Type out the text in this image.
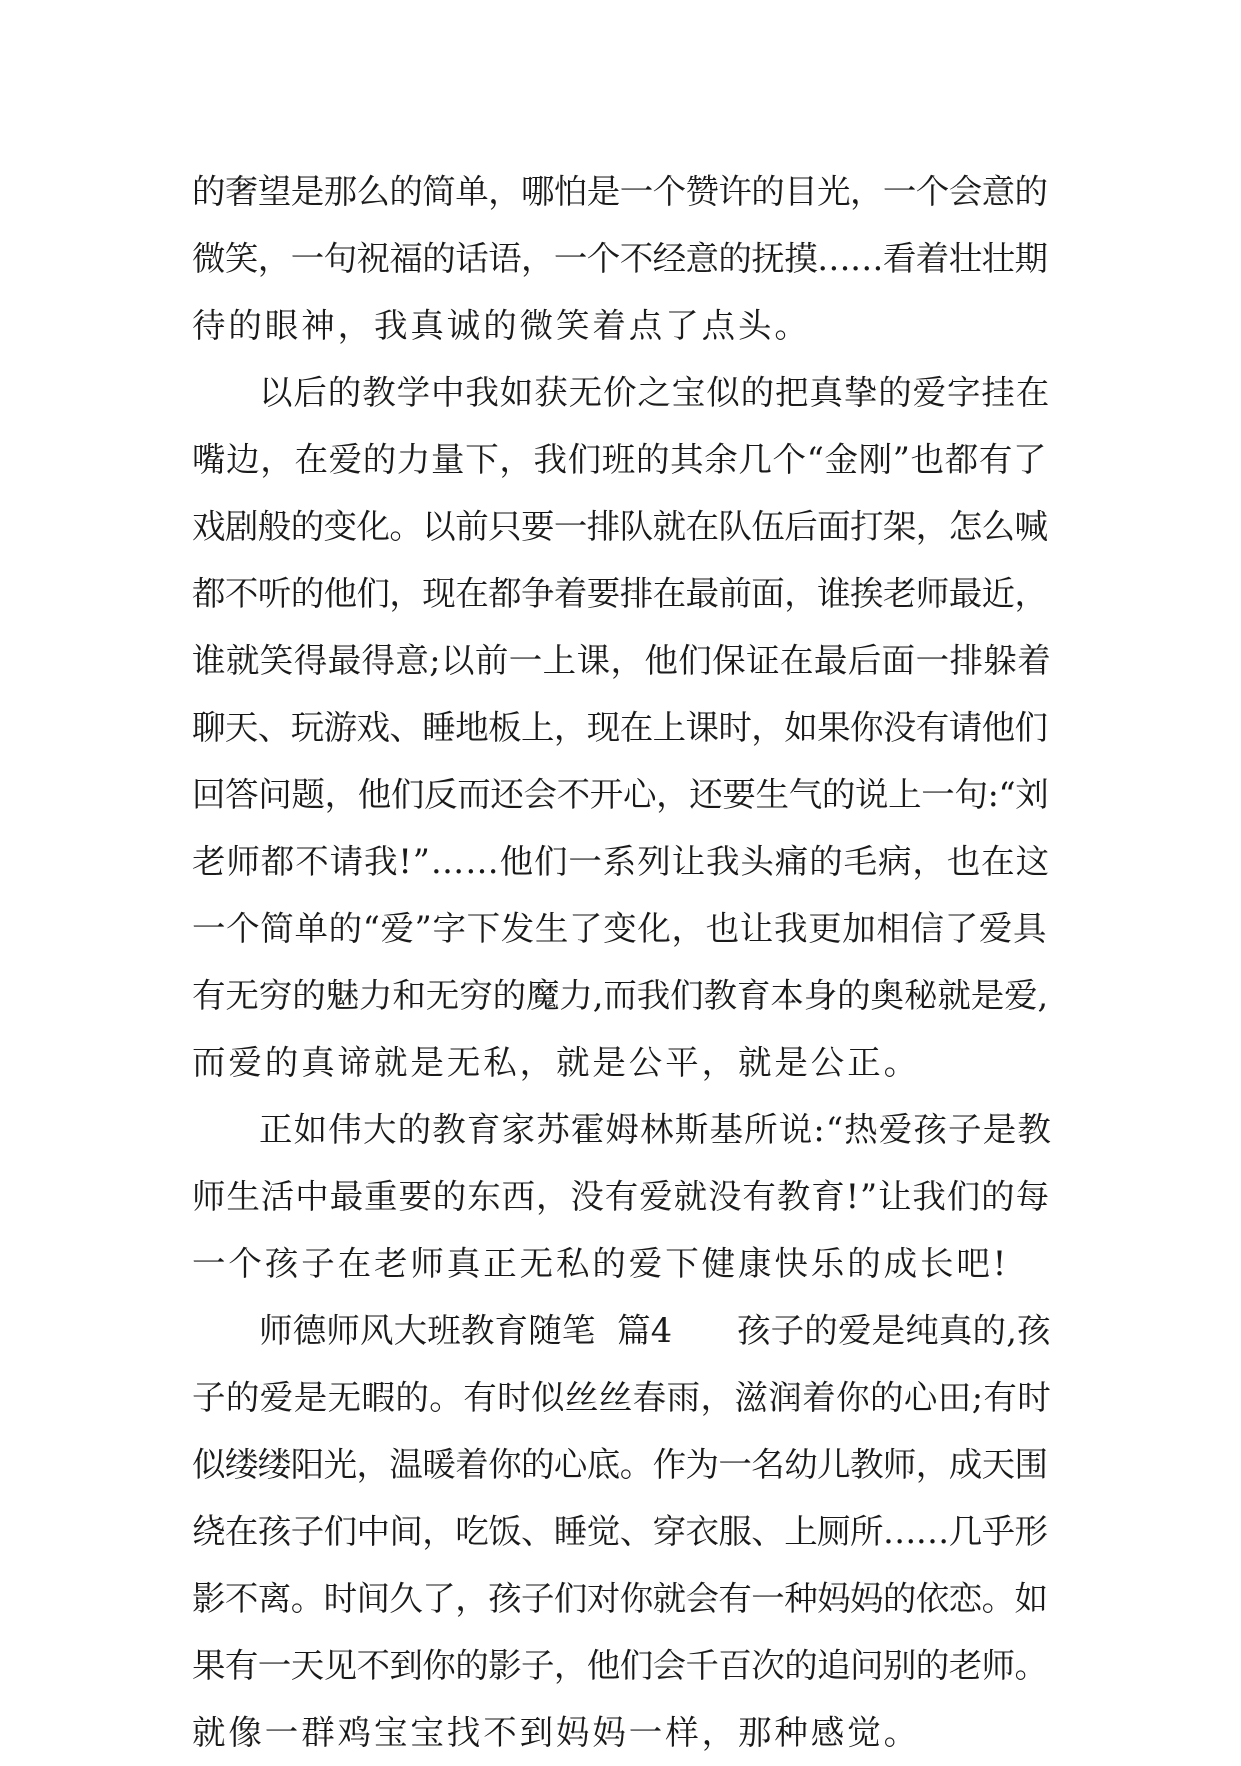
的奢望是那么的简单，哪怕是一个赞许的目光，一个会意的
微笑，一句祝福的话语，一个不经意的抚摸……看着壮壮期
待的眼神，我真诚的微笑着点了点头。
以后的教学中我如获无价之宝似的把真挚的爱字挂在
嘴边，在爱的力量下，我们班的其余几个“金刚”也都有了
戏剧般的变化。以前只要一排队就在队伍后面打架，怎么喊
都不听的他们，现在都争着要排在最前面，谁挨老师最近，
谁就笑得最得意;以前一上课，他们保证在最后面一排躲着
聊天、玩游戏、睡地板上，现在上课时，如果你没有请他们
回答问题，他们反而还会不开心，还要生气的说上一句:“刘
老师都不请我!”……他们一系列让我头痛的毛病，也在这
一个简单的“爱”字下发生了变化，也让我更加相信了爱具
有无穷的魅力和无穷的魔力,而我们教育本身的奥秘就是爱,
而爱的真谛就是无私，就是公平，就是公正。
正如伟大的教育家苏霍姆林斯基所说:“热爱孩子是教
师生活中最重要的东西，没有爱就没有教育!”让我们的每
一个孩子在老师真正无私的爱下健康快乐的成长吧!
师德师风大班教育随笔  篇4      孩子的爱是纯真的,孩
子的爱是无暇的。有时似丝丝春雨，滋润着你的心田;有时
似缕缕阳光，温暖着你的心底。作为一名幼儿教师，成天围
绕在孩子们中间，吃饭、睡觉、穿衣服、上厕所……几乎形
影不离。时间久了，孩子们对你就会有一种妈妈的依恋。如
果有一天见不到你的影子，他们会千百次的追问别的老师。
就像一群鸡宝宝找不到妈妈一样，那种感觉。
